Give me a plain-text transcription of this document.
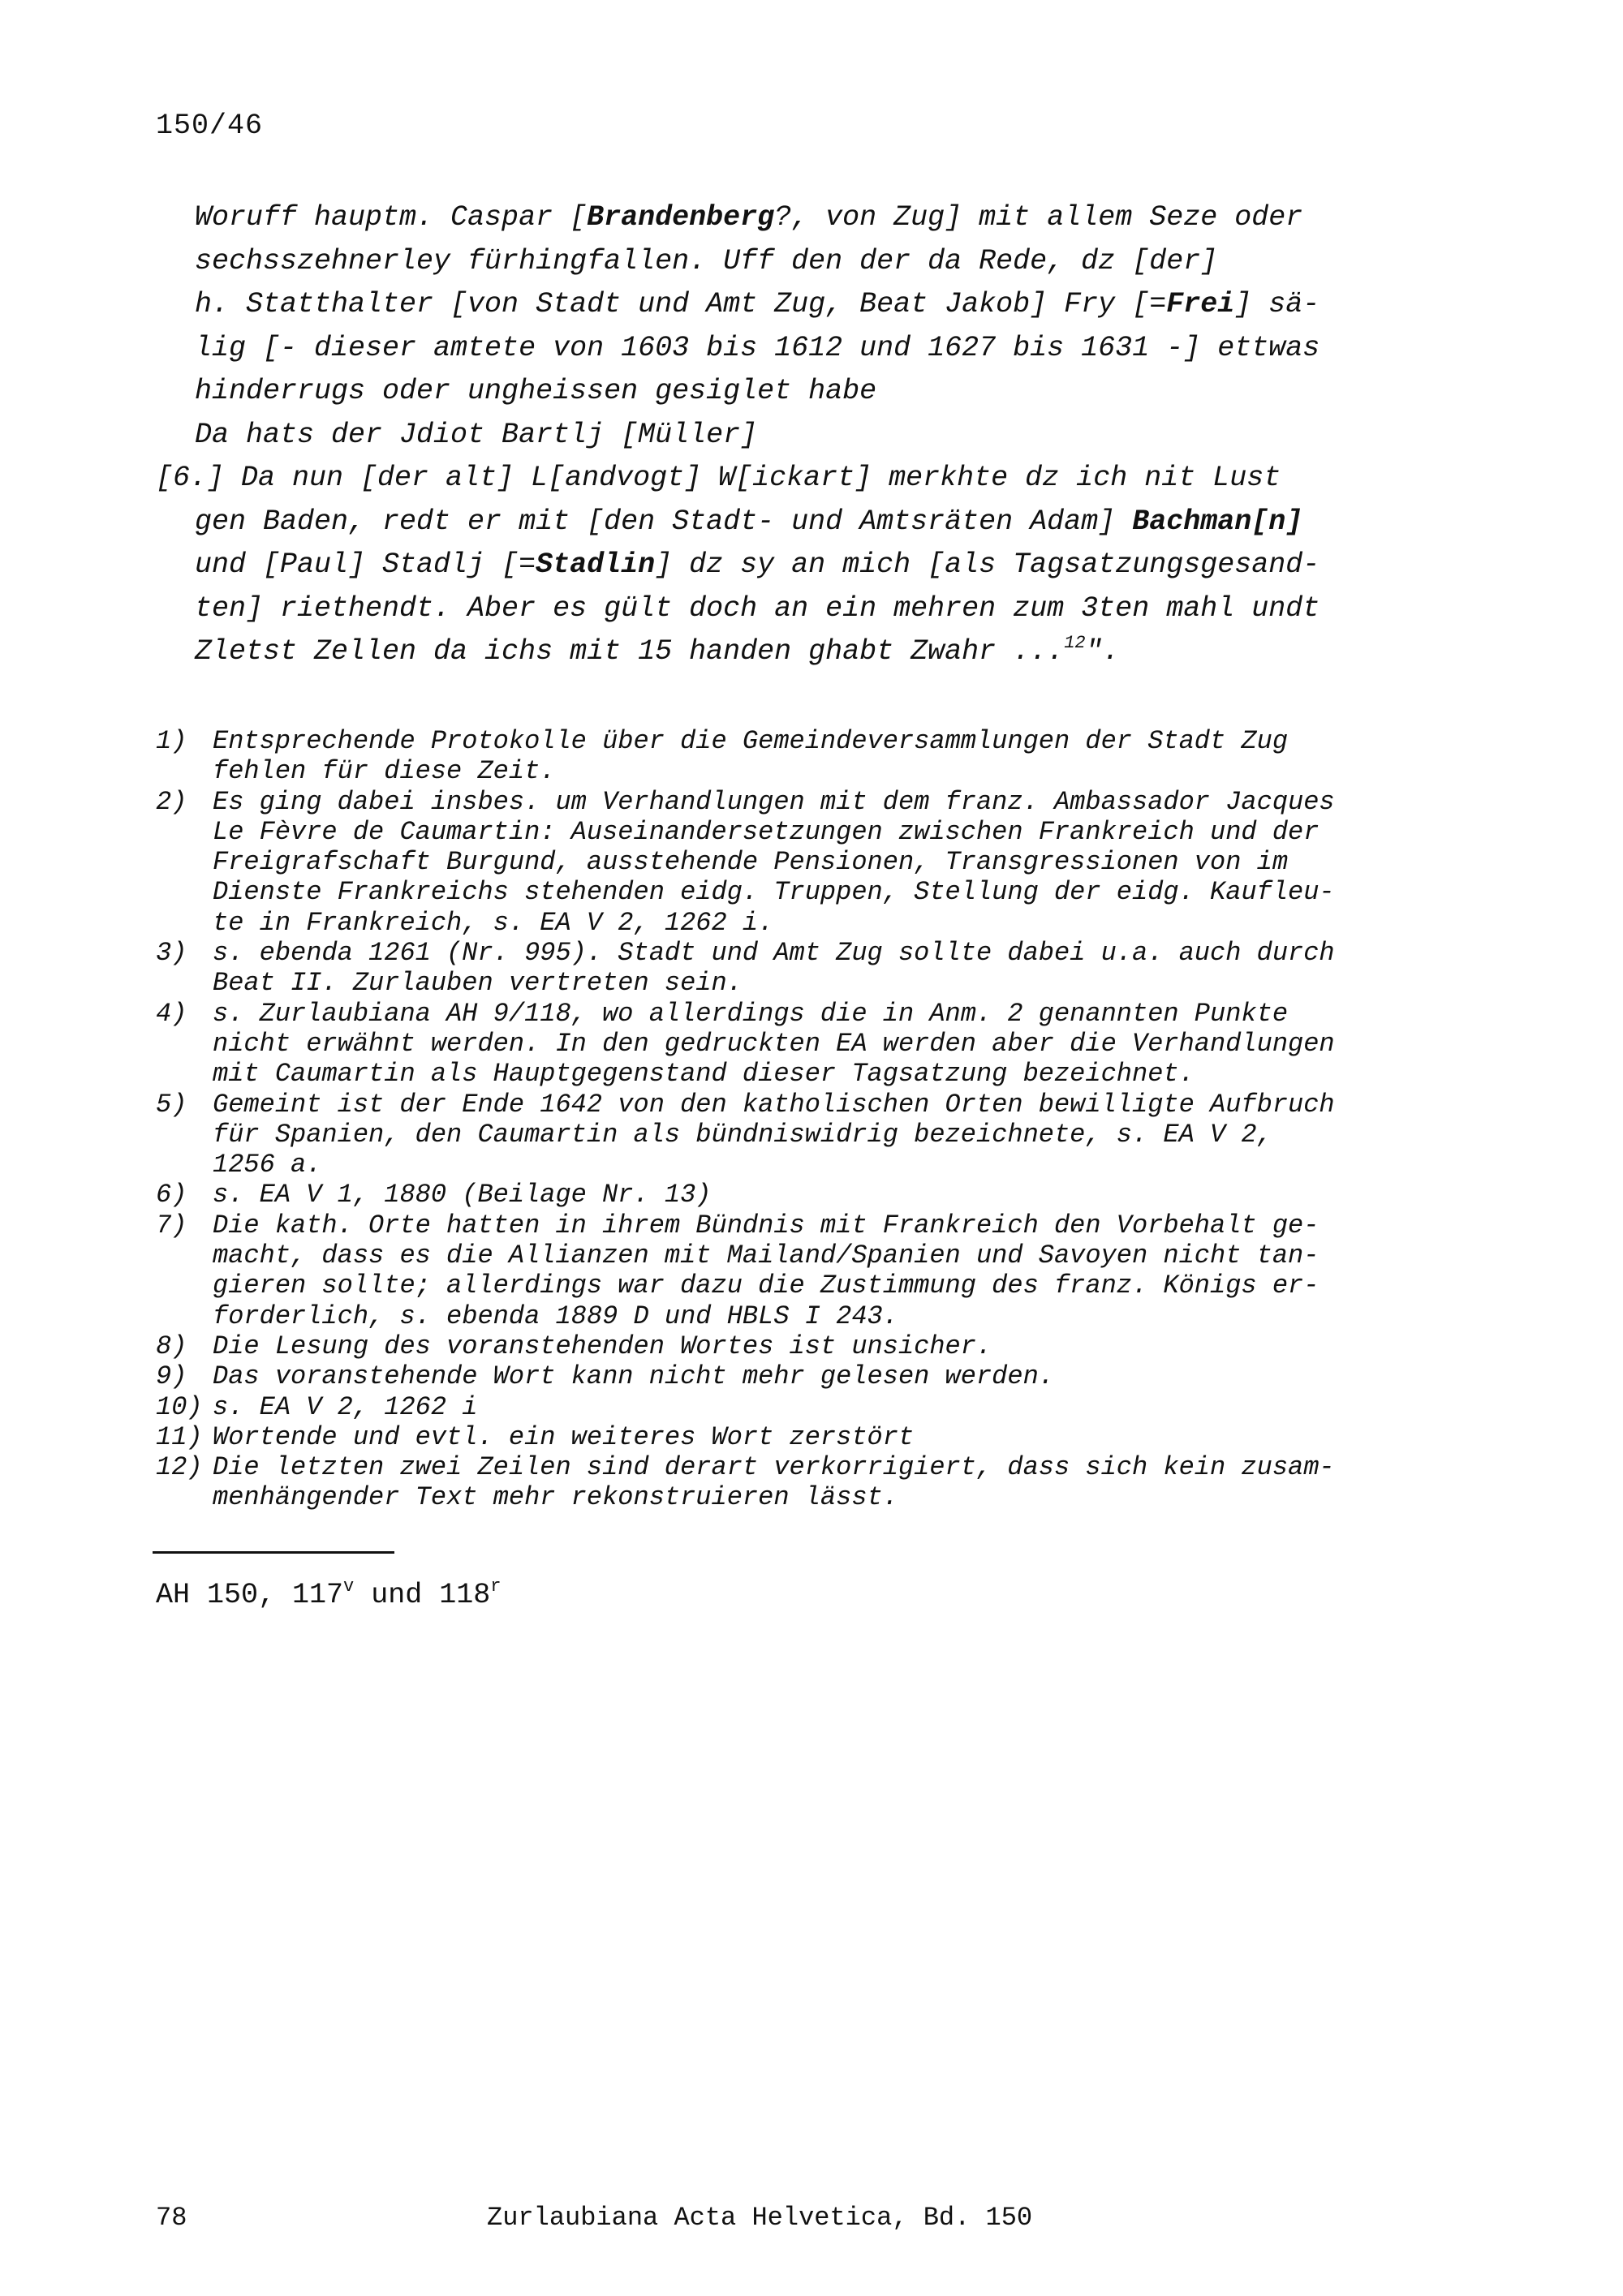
150/46
Woruff hauptm. Caspar [Brandenberg?, von Zug] mit allem Seze oder
sechsszehnerley fürhingfallen. Uff den der da Rede, dz [der]
h. Statthalter [von Stadt und Amt Zug, Beat Jakob] Fry [=Frei] sä-
lig [- dieser amtete von 1603 bis 1612 und 1627 bis 1631 -] ettwas
hinderrugs oder ungheissen gesiglet habe
Da hats der Jdiot Bartlj [Müller]
[6.] Da nun [der alt] L[andvogt] W[ickart] merkhte dz ich nit Lust
gen Baden, redt er mit [den Stadt- und Amtsräten Adam] Bachman[n]
und [Paul] Stadlj [=Stadlin] dz sy an mich [als Tagsatzungsgesand-
ten] riethendt. Aber es gült doch an ein mehren zum 3ten mahl undt
Zletst Zellen da ichs mit 15 handen ghabt Zwahr ...$^{12}$".
1) Entsprechende Protokolle über die Gemeindeversammlungen der Stadt Zug
fehlen für diese Zeit.
2) Es ging dabei insbes. um Verhandlungen mit dem franz. Ambassador Jacques
Le Fèvre de Caumartin: Auseinandersetzungen zwischen Frankreich und der
Freigrafschaft Burgund, ausstehende Pensionen, Transgressionen von im
Dienste Frankreichs stehenden eidg. Truppen, Stellung der eidg. Kaufleu-
te in Frankreich, s. EA V 2, 1262 i.
3) s. ebenda 1261 (Nr. 995). Stadt und Amt Zug sollte dabei u.a. auch durch
Beat II. Zurlauben vertreten sein.
4) s. Zurlaubiana AH 9/118, wo allerdings die in Anm. 2 genannten Punkte
nicht erwähnt werden. In den gedruckten EA werden aber die Verhandlungen
mit Caumartin als Hauptgegenstand dieser Tagsatzung bezeichnet.
5) Gemeint ist der Ende 1642 von den katholischen Orten bewilligte Aufbruch
für Spanien, den Caumartin als bündniswidrig bezeichnete, s. EA V 2,
1256 a.
6) s. EA V 1, 1880 (Beilage Nr. 13)
7) Die kath. Orte hatten in ihrem Bündnis mit Frankreich den Vorbehalt ge-
macht, dass es die Allianzen mit Mailand/Spanien und Savoyen nicht tan-
gieren sollte; allerdings war dazu die Zustimmung des franz. Königs er-
forderlich, s. ebenda 1889 D und HBLS I 243.
8) Die Lesung des voranstehenden Wortes ist unsicher.
9) Das voranstehende Wort kann nicht mehr gelesen werden.
10) s. EA V 2, 1262 i
11) Wortende und evtl. ein weiteres Wort zerstört
12) Die letzten zwei Zeilen sind derart verkorrigiert, dass sich kein zusam-
menhängender Text mehr rekonstruieren lässt.
AH 150, 117$^v$ und 118$^r$
78	Zurlaubiana Acta Helvetica, Bd. 150
